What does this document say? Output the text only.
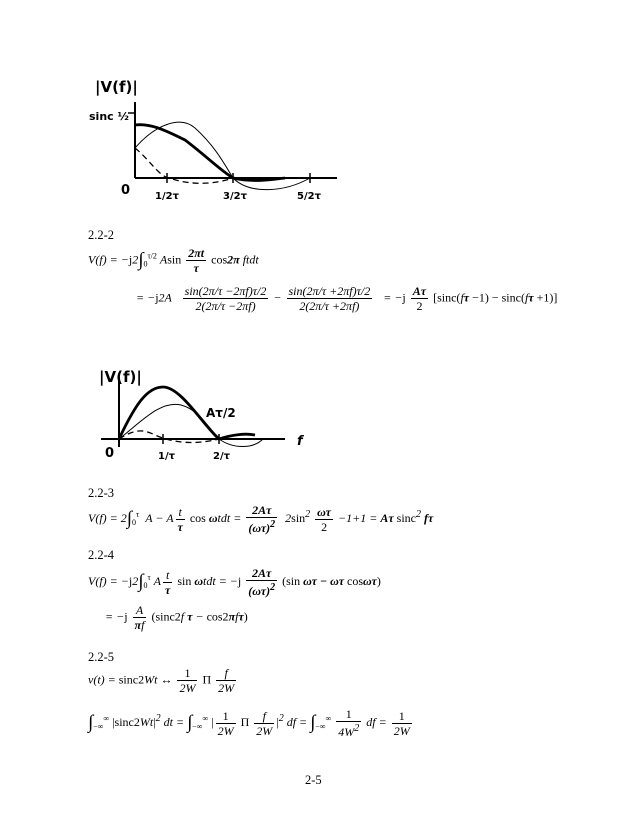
|V(f)|
sinc ½
0 1/2τ	3/2τ	5/2τ
2.2-2
$V(f) = -j2\int_0^{\tau/2}$ Asin $\frac{2\pi t}{\tau} \cos 2\pi$ ftdt
= $-j2A \frac{\sin(2\pi/\tau -2\pi f)\tau/2}{2(2\pi/\tau -2\pi f)} - \frac{\sin(2\pi/\tau +2\pi f)\tau/2}{2(2\pi/\tau +2\pi f)} = -j \frac{A\tau}{2} [\sin c(f\tau -1) - \sin c(f\tau +1)]$
|V(f)|
Aτ/2
f
0	1/τ	2/τ
2.2-3
$V(f) = 2\int_0^\tau$  A − A $\frac{t}{\tau}$ $\cos \omega tdt = \frac{2A\tau}{(\omega\tau)^2} 2\sin^2 \frac{\omega\tau}{2} -1+1 = A\tau$ sinc$^2$ fτ
2.2-4
$V(f) = -j2\int_0^\tau$ A $\frac{t}{\tau}$ $\sin \omega tdt = -j \frac{2A\tau}{(\omega\tau)^2} (\sin$ ωτ − ωτ cosωτ)
= $-j \frac{A}{\pi f} (\sin c2f$ τ − cos2πfτ)
2.2-5
v(t) = sinc2Wt ↔ $\frac{1}{2W}$ Π $\frac{f}{2W}$
$\int_{-\infty}^\infty$ $|\sin c2Wt|^2$ dt = $\int_{-\infty}^\infty$ | $\frac{1}{2W}$ Π $\frac{f}{2W} |^2$ df = $\int_{-\infty}^\infty \frac{1}{4W^2}$ df = $\frac{1}{2W}$
2-5
